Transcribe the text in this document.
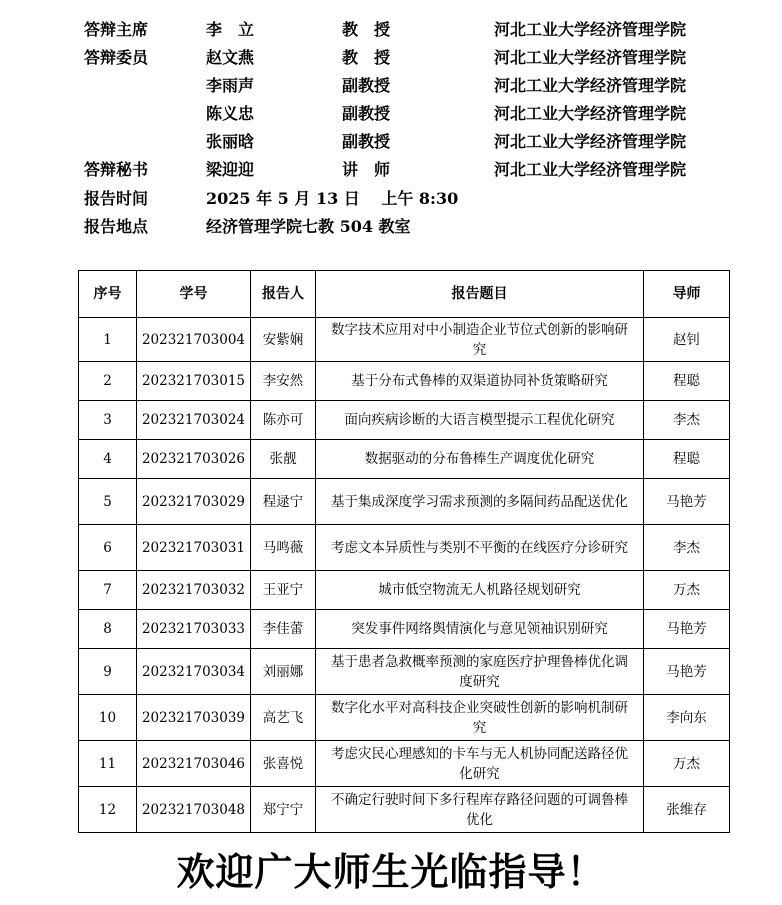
答辩主席	李　立	教　授	河北工业大学经济管理学院
答辩委员	赵文燕	教　授	河北工业大学经济管理学院
李雨声	副教授	河北工业大学经济管理学院
陈义忠	副教授	河北工业大学经济管理学院
张丽晗	副教授	河北工业大学经济管理学院
答辩秘书	梁迎迎	讲　师	河北工业大学经济管理学院
报告时间	2025 年 5 月 13 日　 上午 8:30
报告地点	经济管理学院七教 504 教室
序号	学号	报告人	报告题目	导师
1	202321703004	安紫娴	数字技术应用对中小制造企业节位式创新的影响研究	赵钊
2	202321703015	李安然	基于分布式鲁棒的双渠道协同补货策略研究	程聪
3	202321703024	陈亦可	面向疾病诊断的大语言模型提示工程优化研究	李杰
4	202321703026	张靓	数据驱动的分布鲁棒生产调度优化研究	程聪
5	202321703029	程逯宁	基于集成深度学习需求预测的多隔间药品配送优化	马艳芳
6	202321703031	马鸣薇	考虑文本异质性与类别不平衡的在线医疗分诊研究	李杰
7	202321703032	王亚宁	城市低空物流无人机路径规划研究	万杰
8	202321703033	李佳蕾	突发事件网络舆情演化与意见领袖识别研究	马艳芳
9	202321703034	刘丽娜	基于患者急救概率预测的家庭医疗护理鲁棒优化调度研究	马艳芳
10	202321703039	高艺飞	数字化水平对高科技企业突破性创新的影响机制研究	李向东
11	202321703046	张喜悦	考虑灾民心理感知的卡车与无人机协同配送路径优化研究	万杰
12	202321703048	郑宁宁	不确定行驶时间下多行程库存路径问题的可调鲁棒优化	张维存
欢迎广大师生光临指导！
